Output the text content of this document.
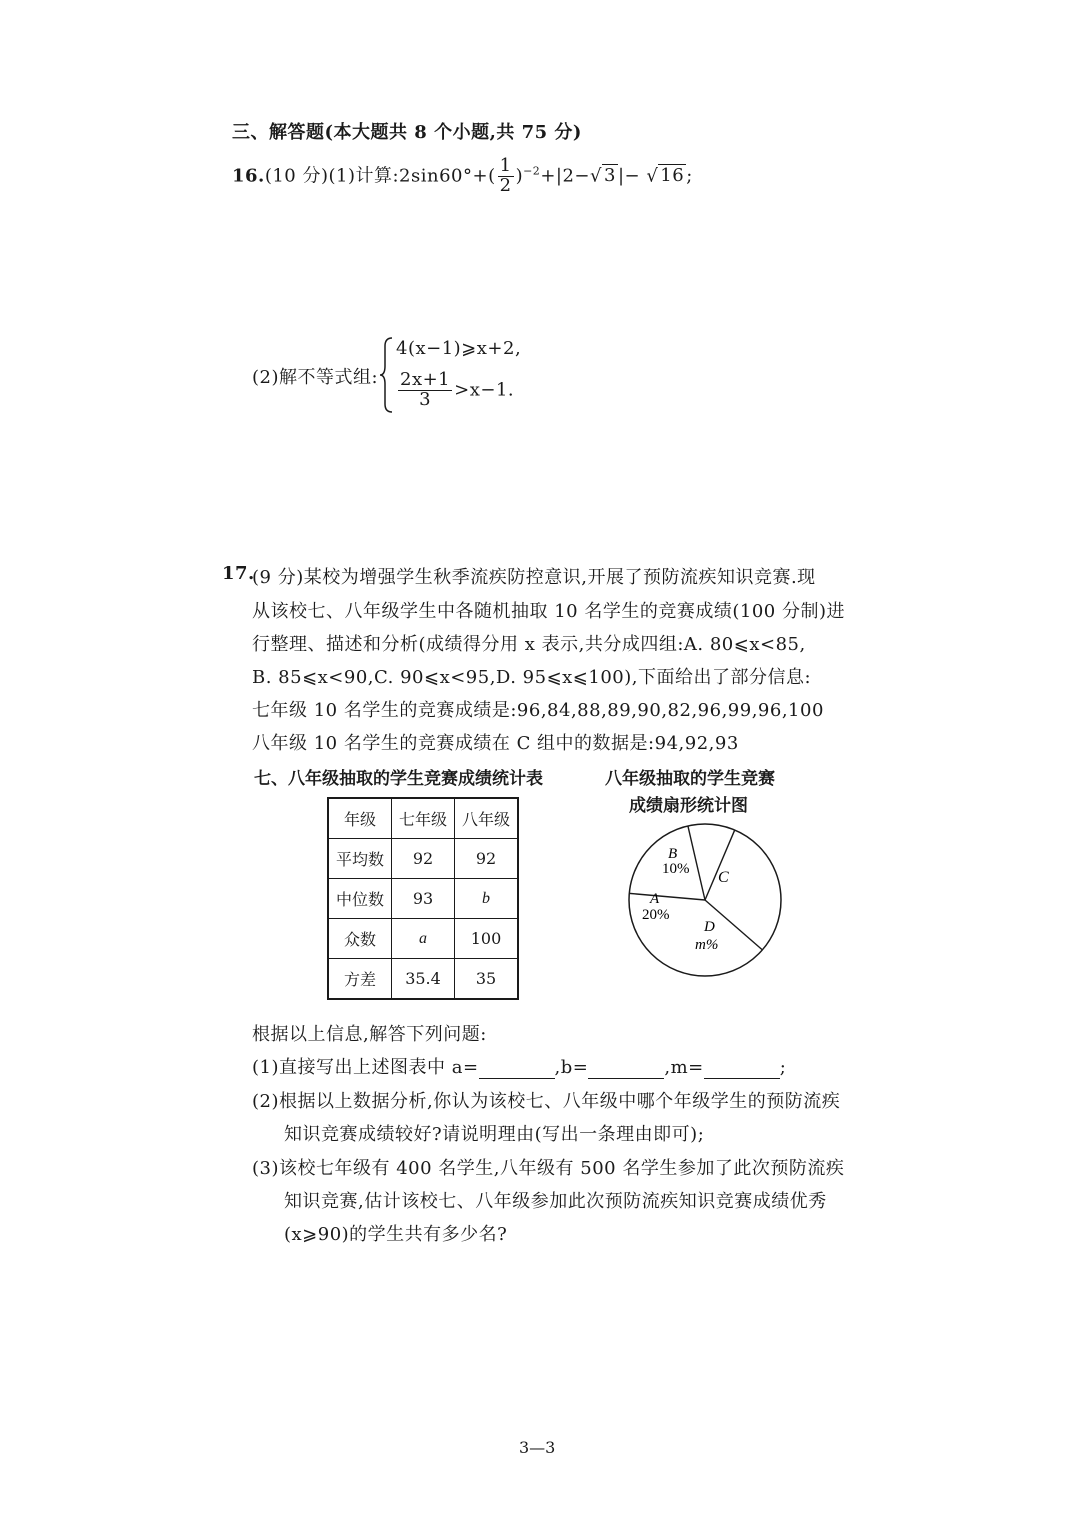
三、解答题(本大题共 8 个小题,共 75 分)
16.(10 分)(1)计算:2sin60°+( $\frac{1}{2} )^{-2}+|2-√$ 3 |− √ 16 ;
(2)解不等式组:
4(x−1)⩾x+2,
$\frac{2x+1}{3} >x-1$.
17.
(9 分)某校为增强学生秋季流疾防控意识,开展了预防流疾知识竞赛.现
从该校七、八年级学生中各随机抽取 10 名学生的竞赛成绩(100 分制)进
行整理、描述和分析(成绩得分用 x 表示,共分成四组:A. 80⩽x<85,
B. 85⩽x<90,C. 90⩽x<95,D. 95⩽x⩽100),下面给出了部分信息:
七年级 10 名学生的竞赛成绩是:96,84,88,89,90,82,96,99,96,100
八年级 10 名学生的竞赛成绩在 C 组中的数据是:94,92,93
七、八年级抽取的学生竞赛成绩统计表
年级	七年级	八年级
平均数	92	92
中位数	93	b
众数	a	100
方差	35.4	35
八年级抽取的学生竞赛
成绩扇形统计图
B
10% C
A
20%
D
m%
根据以上信息,解答下列问题:
(1)直接写出上述图表中 a=	,b=	,m=	;
(2)根据以上数据分析,你认为该校七、八年级中哪个年级学生的预防流疾
知识竞赛成绩较好?请说明理由(写出一条理由即可);
(3)该校七年级有 400 名学生,八年级有 500 名学生参加了此次预防流疾
知识竞赛,估计该校七、八年级参加此次预防流疾知识竞赛成绩优秀
(x⩾90)的学生共有多少名?
3—3
